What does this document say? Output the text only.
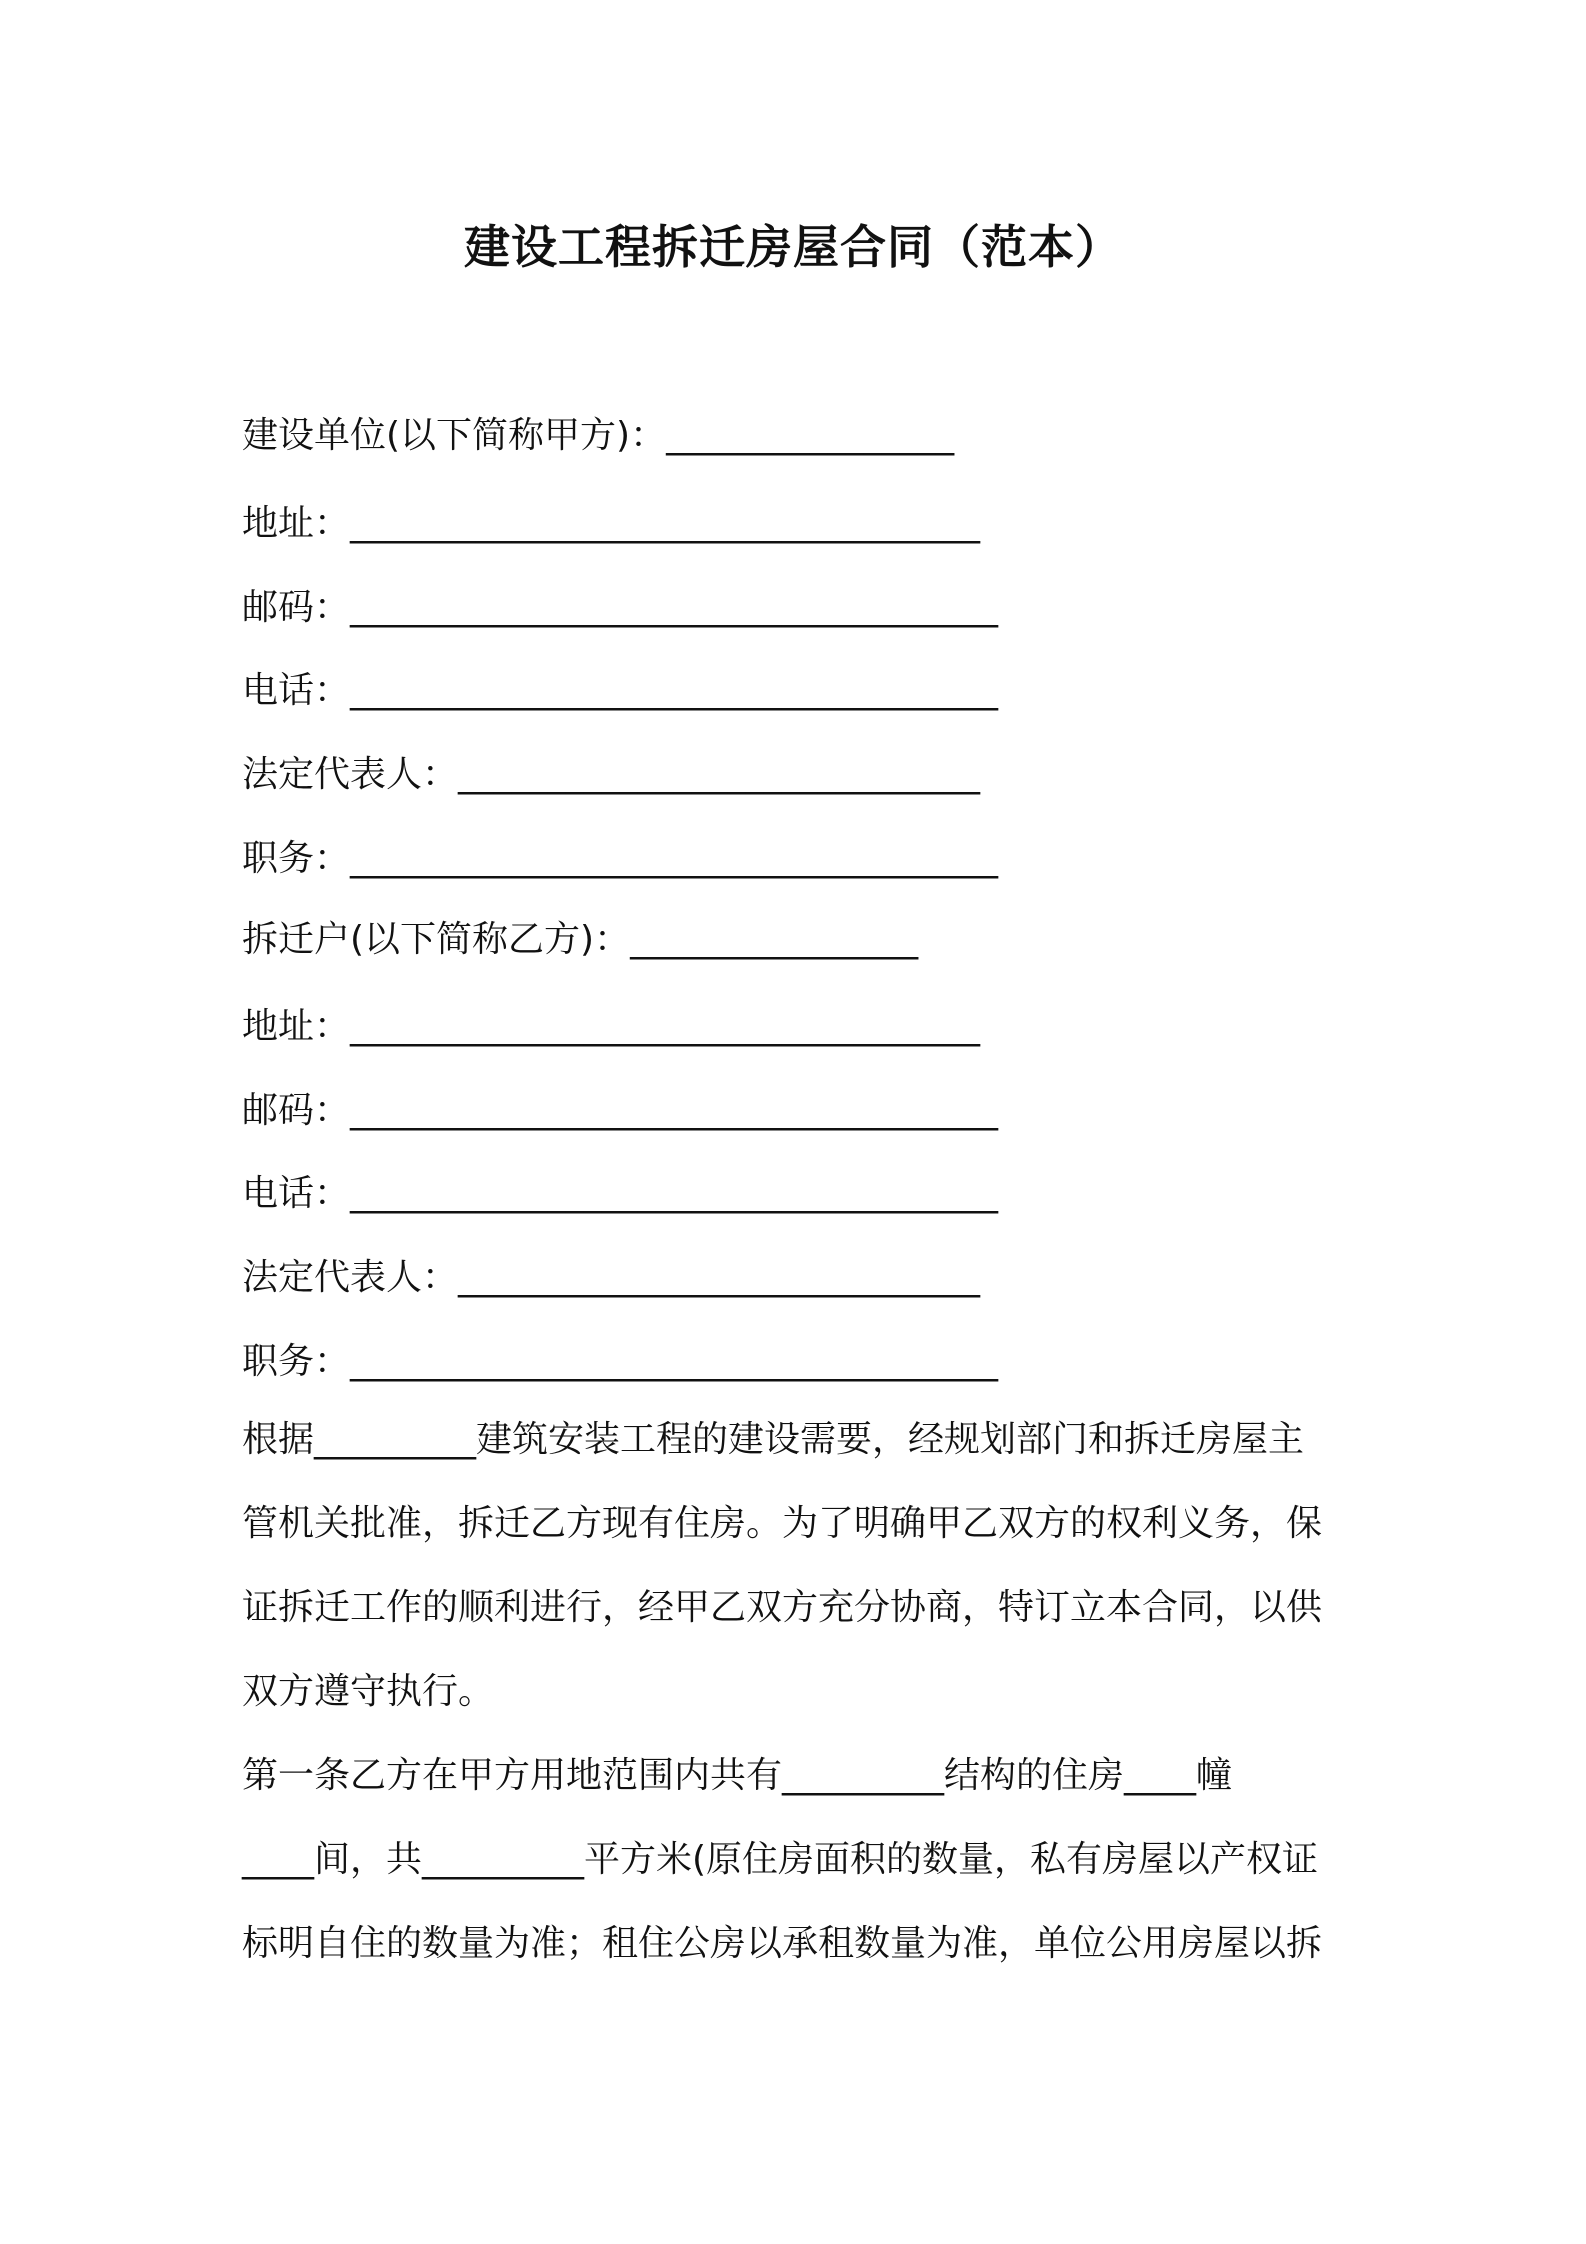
建设工程拆迁房屋合同（范本）
建设单位(以下简称甲方)：________________
地址：___________________________________
邮码：____________________________________
电话：____________________________________
法定代表人：_____________________________
职务：____________________________________
拆迁户(以下简称乙方)：________________
地址：___________________________________
邮码：____________________________________
电话：____________________________________
法定代表人：_____________________________
职务：____________________________________
根据_________建筑安装工程的建设需要，经规划部门和拆迁房屋主
管机关批准，拆迁乙方现有住房。为了明确甲乙双方的权利义务，保
证拆迁工作的顺利进行，经甲乙双方充分协商，特订立本合同，以供
双方遵守执行。
第一条乙方在甲方用地范围内共有_________结构的住房____幢
____间，共_________平方米(原住房面积的数量，私有房屋以产权证
标明自住的数量为准；租住公房以承租数量为准，单位公用房屋以拆
